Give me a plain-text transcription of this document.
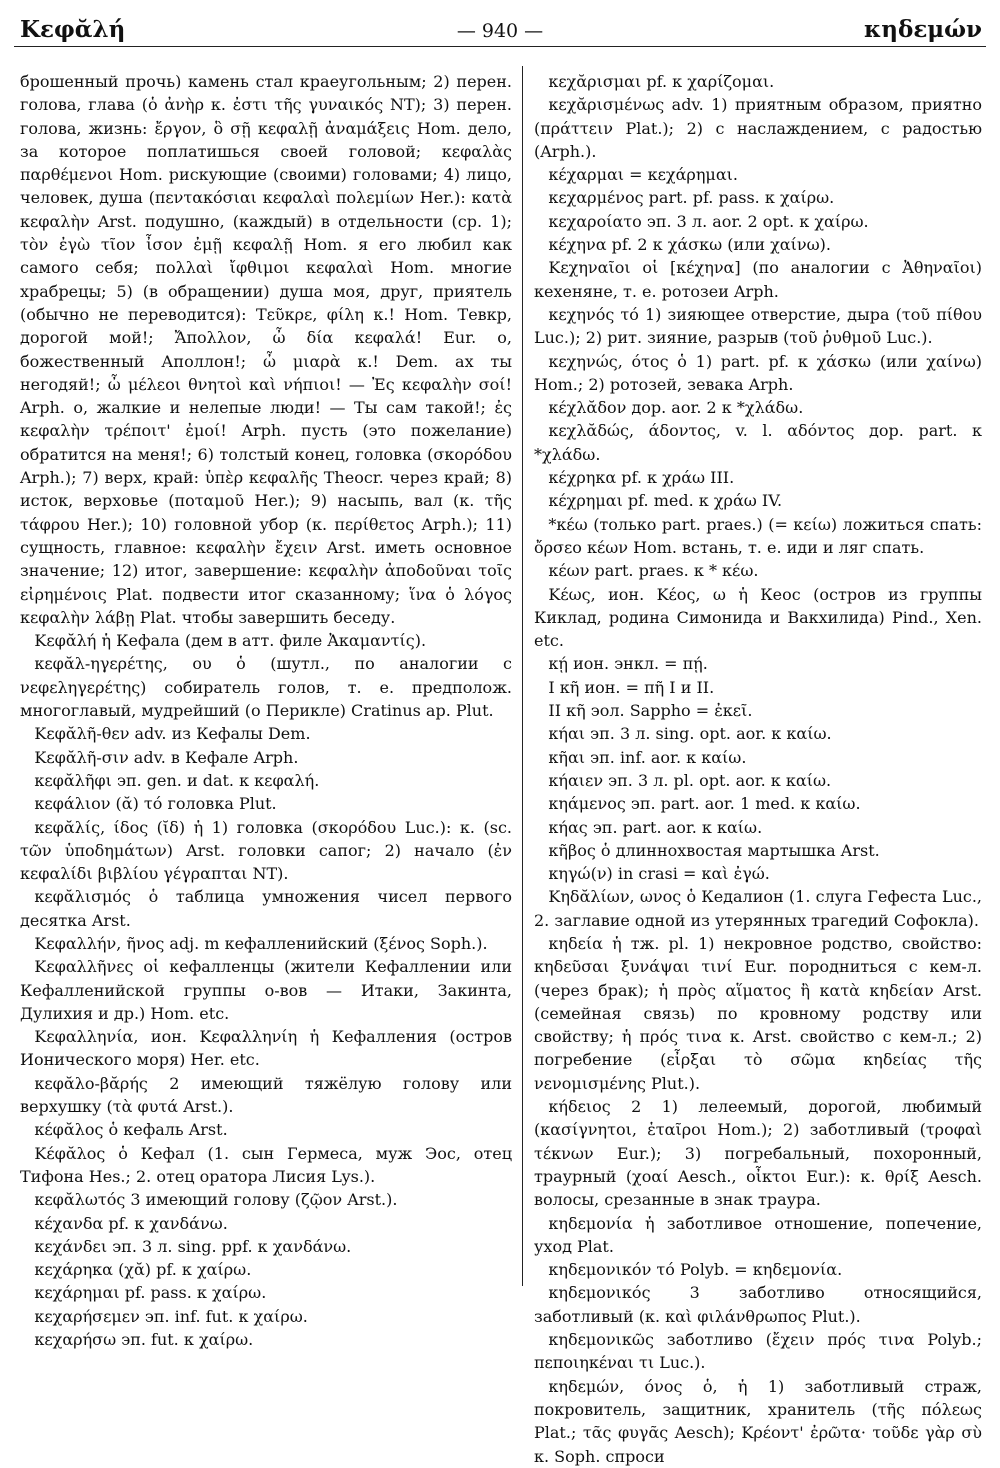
Κεφᾰλή	— 940 —	κηδεμών

брошенный прочь) камень стал краеугольным; 2) перен. голова, глава (ὁ ἀνὴρ κ. ἐστι τῆς γυναικός NT); 3) перен. голова, жизнь: ἔργον, ὃ σῇ κεφαλῇ ἀναμάξεις Hom. дело, за которое поплатишься своей головой; κεφαλὰς παρθέμενοι Hom. рискующие (своими) головами; 4) лицо, человек, душа (πεντακόσιαι κεφαλαὶ πολεμίων Her.): κατὰ κεφαλὴν Arst. подушно, (каждый) в отдельности (ср. 1); τὸν ἐγὼ τῖον ἶσον ἐμῇ κεφαλῇ Hom. я его любил как самого себя; πολλαὶ ἴφθιμοι κεφαλαὶ Hom. многие храбрецы; 5) (в обращении) душа моя, друг, приятель (обычно не переводится): Τεῦκρε, φίλη κ.! Hom. Тевкр, дорогой мой!; Ἄπολλον, ὦ δία κεφαλά! Eur. о, божественный Аполлон!; ὦ μιαρὰ κ.! Dem. ах ты негодяй!; ὦ μέλεοι θνητοὶ καὶ νήπιοι! — Ἐς κεφαλὴν σοί! Arph. о, жалкие и нелепые люди! — Ты сам такой!; ἐς κεφαλὴν τρέποιτ' ἐμοί! Arph. пусть (это пожелание) обратится на меня!; 6) толстый конец, головка (σκορόδου Arph.); 7) верх, край: ὑπὲρ κεφαλῆς Theocr. через край; 8) исток, верховье (ποταμοῦ Her.); 9) насыпь, вал (κ. τῆς τάφρου Her.); 10) головной убор (κ. περίθετος Arph.); 11) сущность, главное: κεφαλὴν ἔχειν Arst. иметь основное значение; 12) итог, завершение: κεφαλὴν ἀποδοῦναι τοῖς εἰρημένοις Plat. подвести итог сказанному; ἵνα ὁ λόγος κεφαλὴν λάβῃ Plat. чтобы завершить беседу.

Κεφᾰλή ἡ Кефала (дем в атт. филе Ἀκαμαντίς).

κεφᾰλ-ηγερέτης, ου ὁ (шутл., по аналогии с νεφεληγερέτης) собиратель голов, т. е. предполож. многоглавый, мудрейший (о Перикле) Cratinus ap. Plut.

Κεφᾰλῆ-θεν adv. из Кефалы Dem.

Κεφᾰλῆ-σιν adv. в Кефале Arph.

κεφᾰλῆφι эп. gen. и dat. к κεφαλή.

κεφάλιον (ᾰ) τό головка Plut.

κεφᾰλίς, ίδος (ῐδ) ἡ 1) головка (σκορόδου Luc.): κ. (sc. τῶν ὑποδημάτων) Arst. головки сапог; 2) начало (ἐν κεφαλίδι βιβλίου γέγραπται NT).

κεφᾰλισμός ὁ таблица умножения чисел первого десятка Arst.

Κεφαλλήν, ῆνος adj. m кефалленийский (ξένος Soph.).

Κεφαλλῆνες οἱ кефалленцы (жители Кефаллении или Кефалленийской группы о-вов — Итаки, Закинта, Дулихия и др.) Hom. etc.

Κεφαλληνία, ион. Κεφαλληνίη ἡ Кефалления (остров Ионического моря) Her. etc.

κεφᾰλο-βᾰρής 2 имеющий тяжёлую голову или верхушку (τὰ φυτά Arst.).

κέφᾰλος ὁ кефаль Arst.

Κέφᾰλος ὁ Кефал (1. сын Гермеса, муж Эос, отец Тифона Hes.; 2. отец оратора Лисия Lys.).

κεφᾰλωτός 3 имеющий голову (ζῷον Arst.).

κέχανδα pf. к χανδάνω.

κεχάνδει эп. 3 л. sing. ppf. к χανδάνω.

κεχάρηκα (χᾰ) pf. к χαίρω.

κεχάρημαι pf. pass. к χαίρω.

κεχαρήσεμεν эп. inf. fut. к χαίρω.

κεχαρήσω эп. fut. к χαίρω.

κεχᾰρισμαι pf. к χαρίζομαι.

κεχᾰρισμένως adv. 1) приятным образом, приятно (πράττειν Plat.); 2) с наслаждением, с радостью (Arph.).

κέχαρμαι = κεχάρημαι.

κεχαρμένος part. pf. pass. к χαίρω.

κεχαροίατο эп. 3 л. aor. 2 opt. к χαίρω.

κέχηνα pf. 2 к χάσκω (или χαίνω).

Κεχηναῖοι οἱ [κέχηνα] (по аналогии с Ἀθηναῖοι) кехеняне, т. е. ротозеи Arph.

κεχηνός τό 1) зияющее отверстие, дыра (τοῦ πίθου Luc.); 2) рит. зияние, разрыв (τοῦ ῥυθμοῦ Luc.).

κεχηνώς, ότος ὁ 1) part. pf. к χάσκω (или χαίνω) Hom.; 2) ротозей, зевака Arph.

κέχλᾰδον дор. aor. 2 к *χλάδω.

κεχλᾰδώς, άδοντος, v. l. αδόντος дор. part. к *χλάδω.

κέχρηκα pf. к χράω III.

κέχρημαι pf. med. к χράω IV.

*κέω (только part. praes.) (= κείω) ложиться спать: ὄρσεο κέων Hom. встань, т. е. иди и ляг спать.

κέων part. praes. к * κέω.

Κέως, ион. Κέος, ω ἡ Кеос (остров из группы Киклад, родина Симонида и Вакхилида) Pind., Xen. etc.

κῄ ион. энкл. = πῄ.

I κῆ ион. = πῆ I и II.

II κῆ эол. Sappho = ἐκεῖ.

κήαι эп. 3 л. sing. opt. aor. к καίω.

κῆαι эп. inf. aor. к καίω.

κήαιεν эп. 3 л. pl. opt. aor. к καίω.

κηάμενος эп. part. aor. 1 med. к καίω.

κήας эп. part. aor. к καίω.

κῆβος ὁ длиннохвостая мартышка Arst.

κηγώ(ν) in crasi = καὶ ἐγώ.

Κηδᾰλίων, ωνος ὁ Кедалион (1. слуга Гефеста Luc., 2. заглавие одной из утерянных трагедий Софокла).

κηδεία ἡ тж. pl. 1) некровное родство, свойство: κηδεῦσαι ξυνάψαι τινί Eur. породниться с кем-л. (через брак); ἡ πρὸς αἵματος ἢ κατὰ κηδείαν Arst. (семейная связь) по кровному родству или свойству; ἡ πρός τινα κ. Arst. свойство с кем-л.; 2) погребение (εἶρξαι τὸ σῶμα κηδείας τῆς νενομισμένης Plut.).

κήδειος 2 1) лелеемый, дорогой, любимый (κασίγνητοι, ἑταῖροι Hom.); 2) заботливый (τροφαὶ τέκνων Eur.); 3) погребальный, похоронный, траурный (χοαί Aesch., οἶκτοι Eur.): κ. θρίξ Aesch. волосы, срезанные в знак траура.

κηδεμονία ἡ заботливое отношение, попечение, уход Plat.

κηδεμονικόν τό Polyb. = κηδεμονία.

κηδεμονικός 3 заботливо относящийся, заботливый (κ. καὶ φιλάνθρωπος Plut.).

κηδεμονικῶς заботливо (ἔχειν πρός τινα Polyb.; πεποιηκέναι τι Luc.).

κηδεμών, όνος ὁ, ἡ 1) заботливый страж, покровитель, защитник, хранитель (τῆς πόλεως Plat.; τᾶς φυγᾶς Aesch); Κρέοντ' ἐρῶτα· τοῦδε γὰρ σὺ κ. Soph. спроси
